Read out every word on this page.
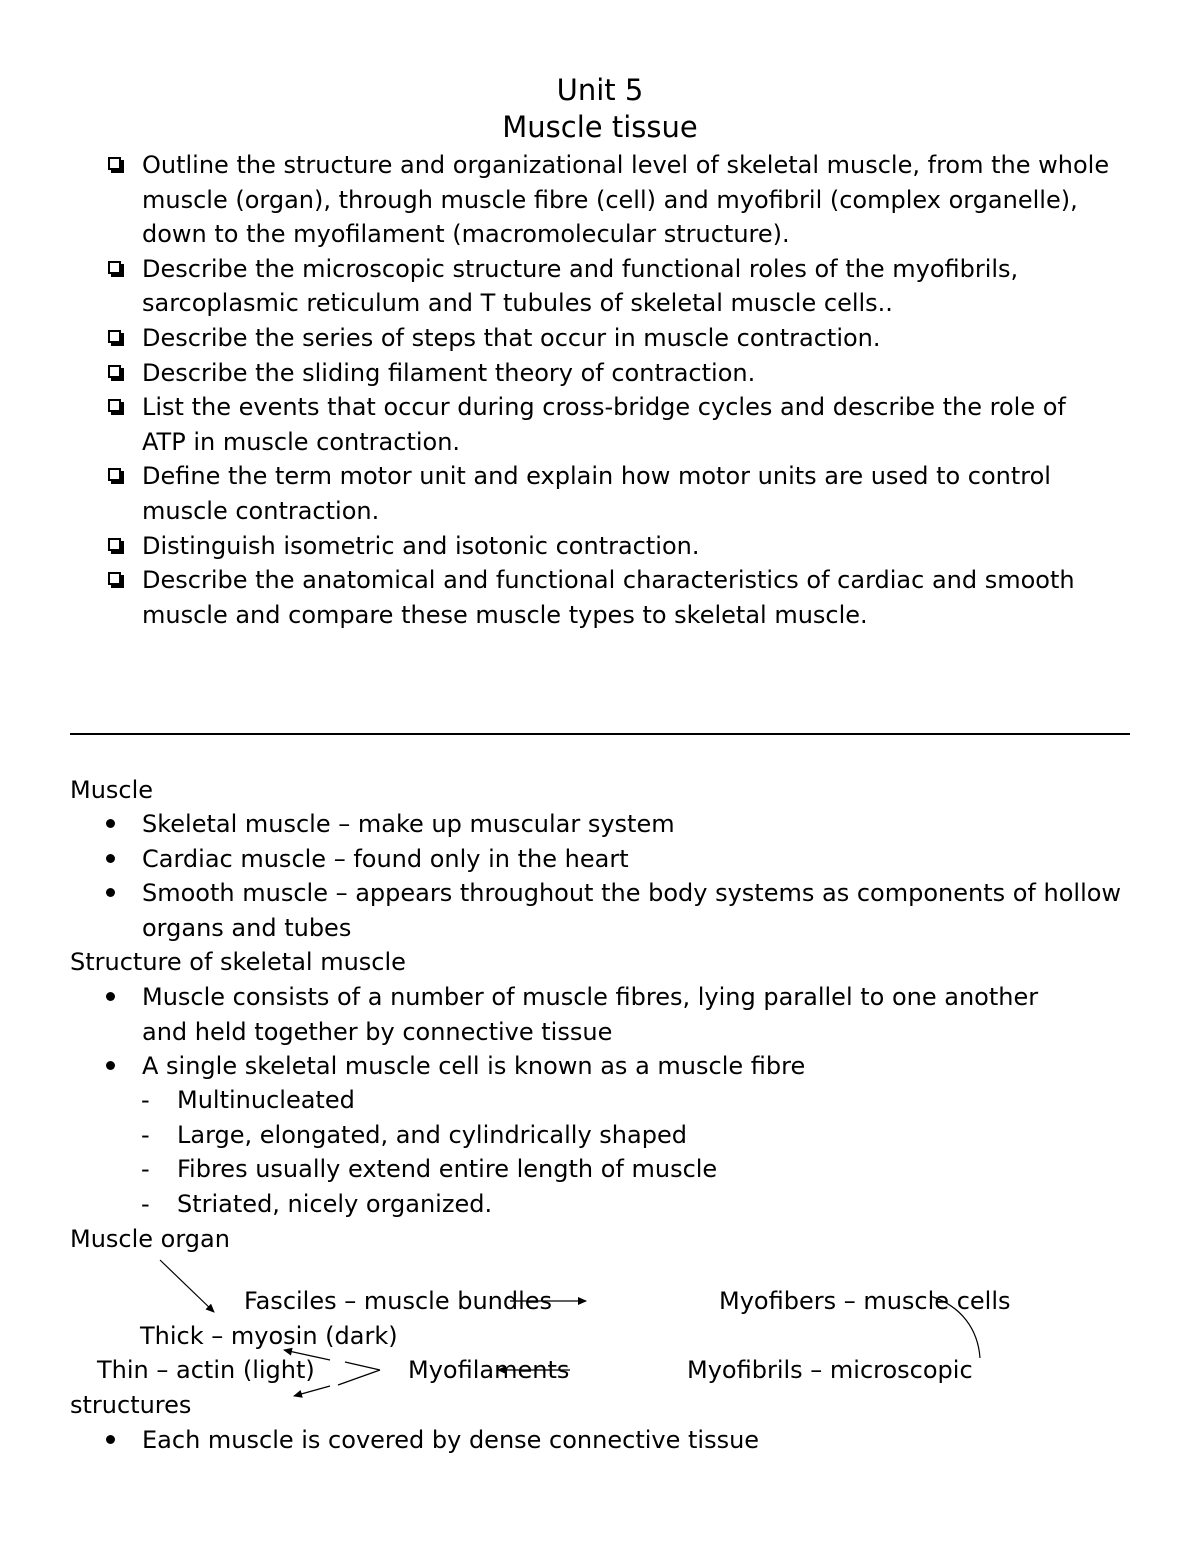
Unit 5
Muscle tissue
Outline the structure and organizational level of skeletal muscle, from the whole muscle (organ), through muscle fibre (cell) and myofibril (complex organelle), down to the myofilament (macromolecular structure).
Describe the microscopic structure and functional roles of the myofibrils, sarcoplasmic reticulum and T tubules of skeletal muscle cells..
Describe the series of steps that occur in muscle contraction.
Describe the sliding filament theory of contraction.
List the events that occur during cross-bridge cycles and describe the role of ATP in muscle contraction.
Define the term motor unit and explain how motor units are used to control muscle contraction.
Distinguish isometric and isotonic contraction.
Describe the anatomical and functional characteristics of cardiac and smooth muscle and compare these muscle types to skeletal muscle.
Muscle
Skeletal muscle – make up muscular system
Cardiac muscle – found only in the heart
Smooth muscle – appears throughout the body systems as components of hollow organs and tubes
Structure of skeletal muscle
Muscle consists of a number of muscle fibres, lying parallel to one another and held together by connective tissue
A single skeletal muscle cell is known as a muscle fibre
- Multinucleated
- Large, elongated, and cylindrically shaped
- Fibres usually extend entire length of muscle
- Striated, nicely organized.
Muscle organ
Fasciles – muscle bundles	Myofibers – muscle cells
Thick – myosin (dark)
Thin – actin (light)	Myofilaments	Myofibrils – microscopic
structures
Each muscle is covered by dense connective tissue
